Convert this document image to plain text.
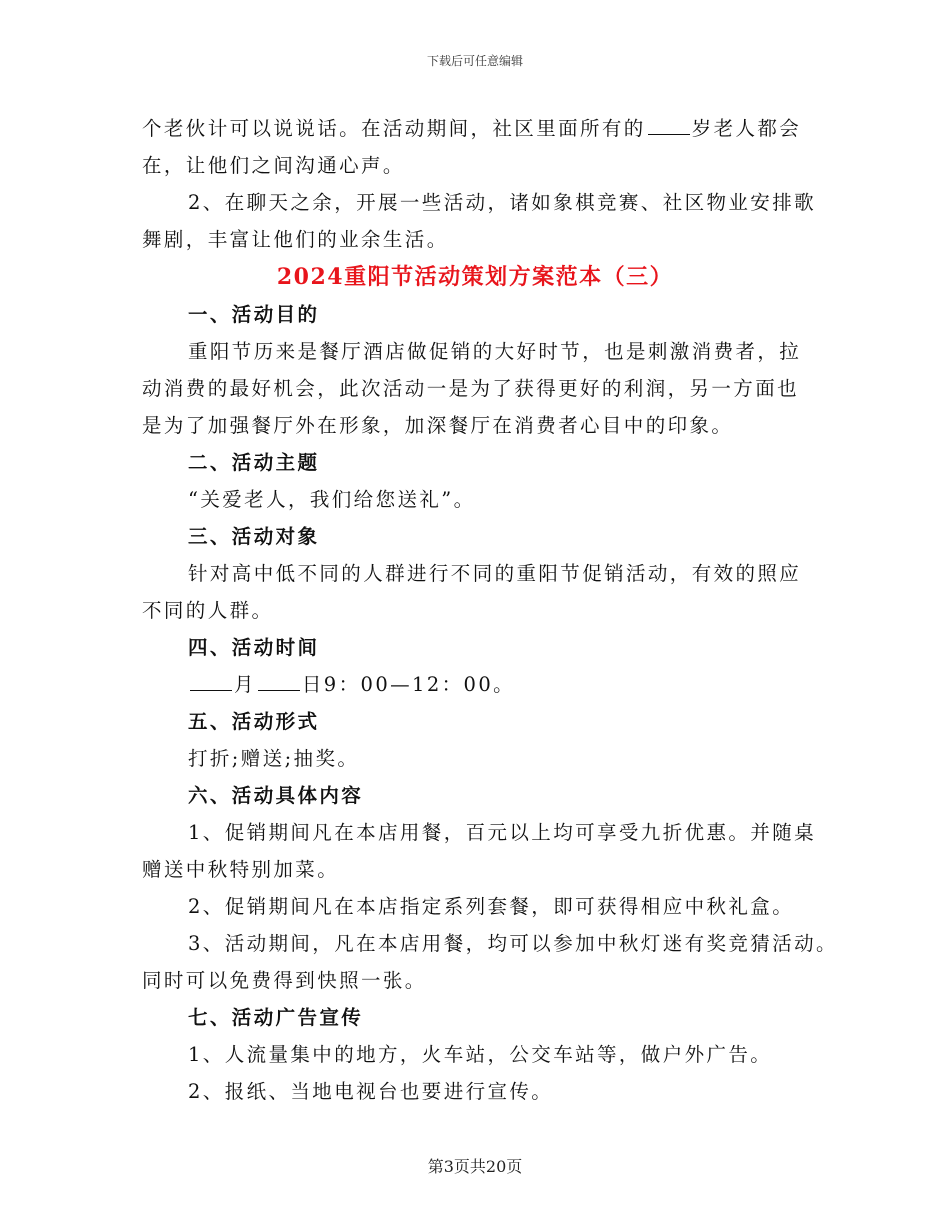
下载后可任意编辑
个老伙计可以说说话。在活动期间，社区里面所有的 岁老人都会
在，让他们之间沟通心声。
2、在聊天之余，开展一些活动，诸如象棋竞赛、社区物业安排歌
舞剧，丰富让他们的业余生活。
2024重阳节活动策划方案范本（三）
一、活动目的
重阳节历来是餐厅酒店做促销的大好时节，也是刺激消费者，拉
动消费的最好机会，此次活动一是为了获得更好的利润，另一方面也
是为了加强餐厅外在形象，加深餐厅在消费者心目中的印象。
二、活动主题
“关爱老人，我们给您送礼”。
三、活动对象
针对高中低不同的人群进行不同的重阳节促销活动，有效的照应
不同的人群。
四、活动时间
月 日9：00—12：00。
五、活动形式
打折;赠送;抽奖。
六、活动具体内容
1、促销期间凡在本店用餐，百元以上均可享受九折优惠。并随桌
赠送中秋特别加菜。
2、促销期间凡在本店指定系列套餐，即可获得相应中秋礼盒。
3、活动期间，凡在本店用餐，均可以参加中秋灯迷有奖竞猜活动。
同时可以免费得到快照一张。
七、活动广告宣传
1、人流量集中的地方，火车站，公交车站等，做户外广告。
2、报纸、当地电视台也要进行宣传。
第3页共20页
